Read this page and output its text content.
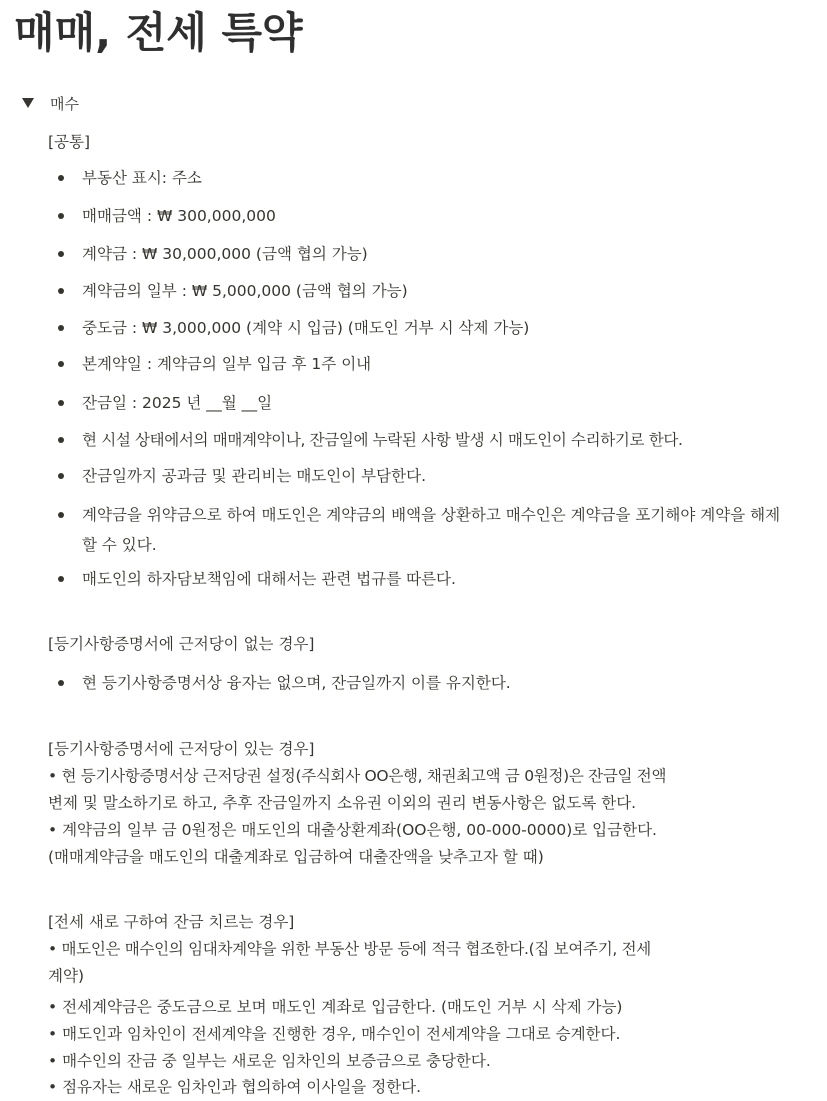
매매, 전세 특약
매수
[공통]
부동산 표시: 주소
매매금액 : ₩ 300,000,000
계약금 : ₩ 30,000,000 (금액 협의 가능)
계약금의 일부 : ₩ 5,000,000 (금액 협의 가능)
중도금 : ₩ 3,000,000 (계약 시 입금) (매도인 거부 시 삭제 가능)
본계약일 : 계약금의 일부 입금 후 1주 이내
잔금일 : 2025 년 __월 __일
현 시설 상태에서의 매매계약이나, 잔금일에 누락된 사항 발생 시 매도인이 수리하기로 한다.
잔금일까지 공과금 및 관리비는 매도인이 부담한다.
계약금을 위약금으로 하여 매도인은 계약금의 배액을 상환하고 매수인은 계약금을 포기해야 계약을 해제할 수 있다.
매도인의 하자담보책임에 대해서는 관련 법규를 따른다.
[등기사항증명서에 근저당이 없는 경우]
현 등기사항증명서상 융자는 없으며, 잔금일까지 이를 유지한다.
[등기사항증명서에 근저당이 있는 경우]
• 현 등기사항증명서상 근저당권 설정(주식회사 OO은행, 채권최고액 금 0원정)은 잔금일 전액
변제 및 말소하기로 하고, 추후 잔금일까지 소유권 이외의 권리 변동사항은 없도록 한다.
• 계약금의 일부 금 0원정은 매도인의 대출상환계좌(OO은행, 00-000-0000)로 입금한다.
(매매계약금을 매도인의 대출계좌로 입금하여 대출잔액을 낮추고자 할 때)
[전세 새로 구하여 잔금 치르는 경우]
• 매도인은 매수인의 임대차계약을 위한 부동산 방문 등에 적극 협조한다.(집 보여주기, 전세
계약)
• 전세계약금은 중도금으로 보며 매도인 계좌로 입금한다. (매도인 거부 시 삭제 가능)
• 매도인과 임차인이 전세계약을 진행한 경우, 매수인이 전세계약을 그대로 승계한다.
• 매수인의 잔금 중 일부는 새로운 임차인의 보증금으로 충당한다.
• 점유자는 새로운 임차인과 협의하여 이사일을 정한다.
